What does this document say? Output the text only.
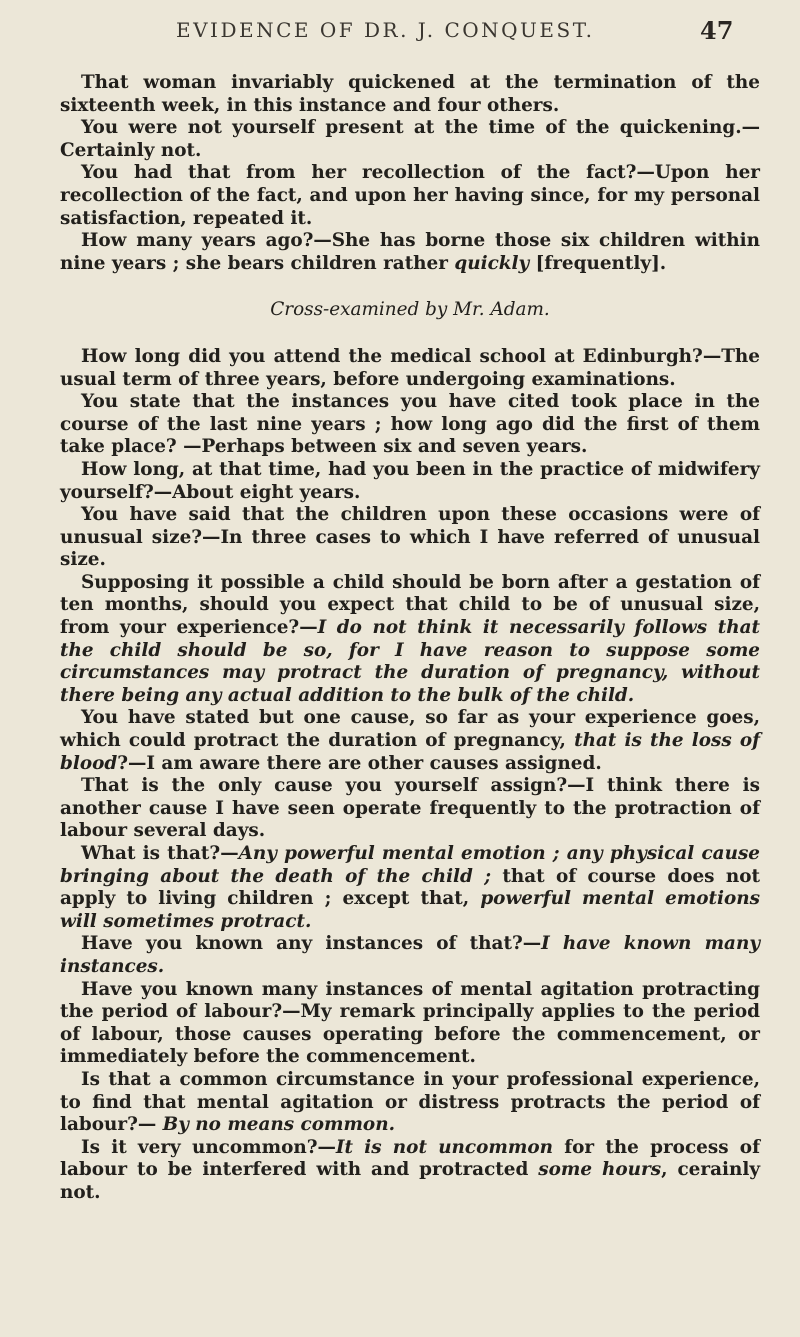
EVIDENCE OF DR. J. CONQUEST.	47

That woman invariably quickened at the termination of the sixteenth week, in this instance and four others.

You were not yourself present at the time of the quickening.— Certainly not.

You had that from her recollection of the fact?—Upon her recollection of the fact, and upon her having since, for my personal satisfaction, repeated it.

How many years ago?—She has borne those six children within nine years ; she bears children rather quickly [frequently].

Cross-examined by Mr. Adam.

How long did you attend the medical school at Edinburgh?—The usual term of three years, before undergoing examinations.

You state that the instances you have cited took place in the course of the last nine years ; how long ago did the first of them take place? —Perhaps between six and seven years.

How long, at that time, had you been in the practice of midwifery yourself?—About eight years.

You have said that the children upon these occasions were of unusual size?—In three cases to which I have referred of unusual size.

Supposing it possible a child should be born after a gestation of ten months, should you expect that child to be of unusual size, from your experience?—I do not think it necessarily follows that the child should be so, for I have reason to suppose some circumstances may protract the duration of pregnancy, without there being any actual addition to the bulk of the child.

You have stated but one cause, so far as your experience goes, which could protract the duration of pregnancy, that is the loss of blood?—I am aware there are other causes assigned.

That is the only cause you yourself assign?—I think there is another cause I have seen operate frequently to the protraction of labour several days.

What is that?—Any powerful mental emotion ; any physical cause bringing about the death of the child ; that of course does not apply to living children ; except that, powerful mental emotions will sometimes protract.

Have you known any instances of that?—I have known many instances.

Have you known many instances of mental agitation protracting the period of labour?—My remark principally applies to the period of labour, those causes operating before the commencement, or immediately before the commencement.

Is that a common circumstance in your professional experience, to find that mental agitation or distress protracts the period of labour?— By no means common.

Is it very uncommon?—It is not uncommon for the process of labour to be interfered with and protracted some hours, cerainly not.
